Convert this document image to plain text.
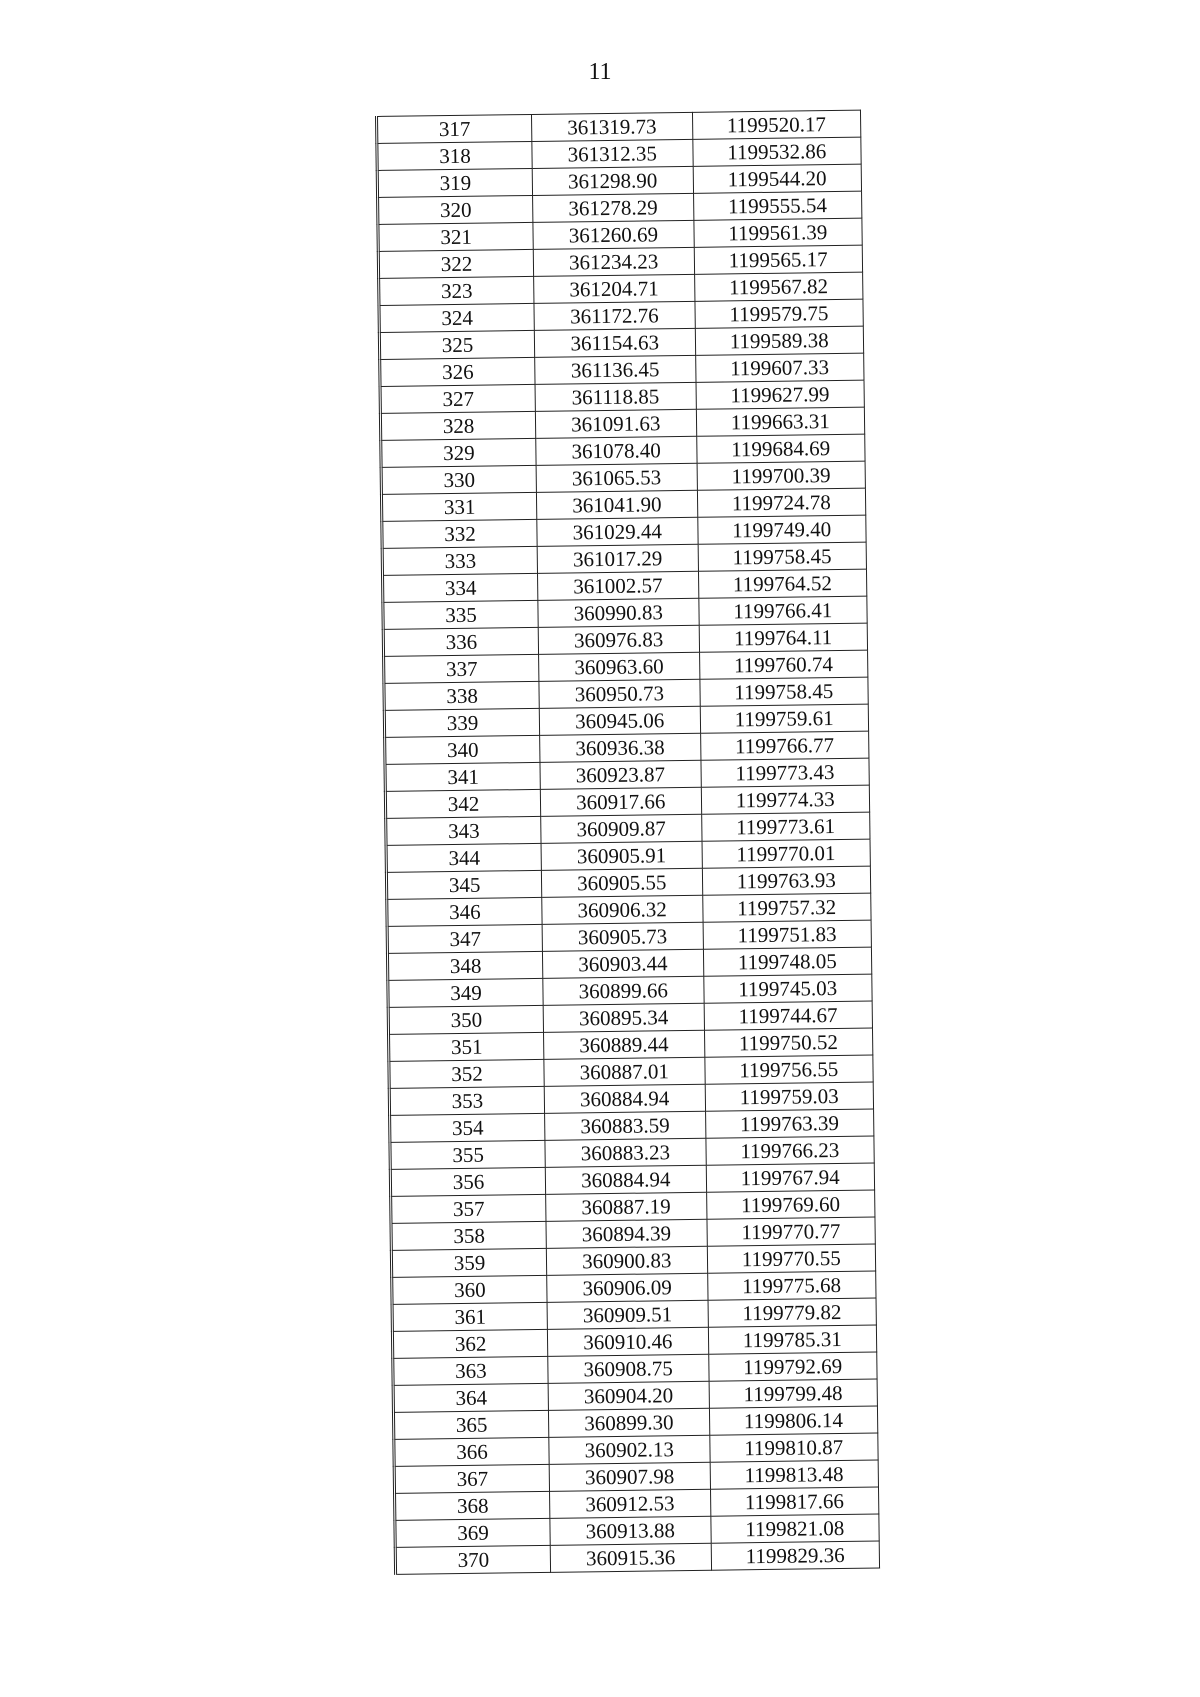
11
317	361319.73	1199520.17
318	361312.35	1199532.86
319	361298.90	1199544.20
320	361278.29	1199555.54
321	361260.69	1199561.39
322	361234.23	1199565.17
323	361204.71	1199567.82
324	361172.76	1199579.75
325	361154.63	1199589.38
326	361136.45	1199607.33
327	361118.85	1199627.99
328	361091.63	1199663.31
329	361078.40	1199684.69
330	361065.53	1199700.39
331	361041.90	1199724.78
332	361029.44	1199749.40
333	361017.29	1199758.45
334	361002.57	1199764.52
335	360990.83	1199766.41
336	360976.83	1199764.11
337	360963.60	1199760.74
338	360950.73	1199758.45
339	360945.06	1199759.61
340	360936.38	1199766.77
341	360923.87	1199773.43
342	360917.66	1199774.33
343	360909.87	1199773.61
344	360905.91	1199770.01
345	360905.55	1199763.93
346	360906.32	1199757.32
347	360905.73	1199751.83
348	360903.44	1199748.05
349	360899.66	1199745.03
350	360895.34	1199744.67
351	360889.44	1199750.52
352	360887.01	1199756.55
353	360884.94	1199759.03
354	360883.59	1199763.39
355	360883.23	1199766.23
356	360884.94	1199767.94
357	360887.19	1199769.60
358	360894.39	1199770.77
359	360900.83	1199770.55
360	360906.09	1199775.68
361	360909.51	1199779.82
362	360910.46	1199785.31
363	360908.75	1199792.69
364	360904.20	1199799.48
365	360899.30	1199806.14
366	360902.13	1199810.87
367	360907.98	1199813.48
368	360912.53	1199817.66
369	360913.88	1199821.08
370	360915.36	1199829.36
